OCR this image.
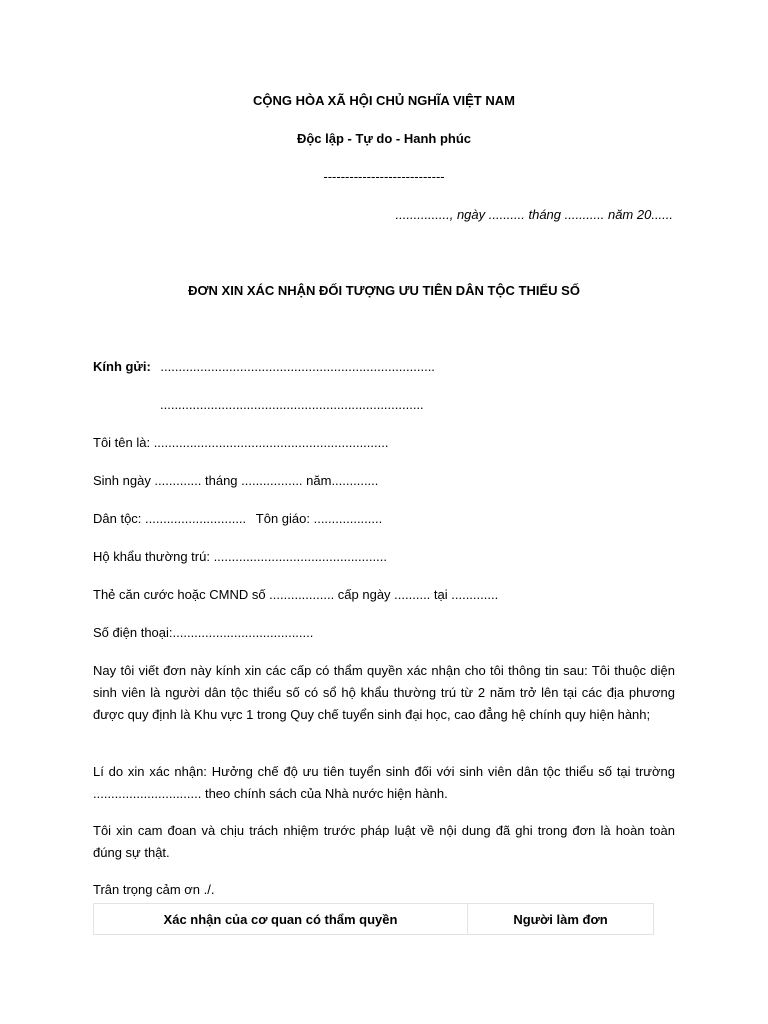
CỘNG HÒA XÃ HỘI CHỦ NGHĨA VIỆT NAM
Độc lập - Tự do - Hanh phúc
----------------------------
..............., ngày .......... tháng ........... năm 20......
ĐƠN XIN XÁC NHẬN ĐỐI TƯỢNG ƯU TIÊN DÂN TỘC THIỂU SỐ
Kính gửi: ............................................................................
.........................................................................
Tôi tên là: .................................................................
Sinh ngày ............. tháng ................. năm.............
Dân tộc: ............................ Tôn giáo: ...................
Hộ khẩu thường trú: ................................................
Thẻ căn cước hoặc CMND số .................. cấp ngày .......... tại .............
Số điện thoại:.......................................
Nay tôi viết đơn này kính xin các cấp có thẩm quyền xác nhận cho tôi thông tin sau: Tôi thuộc diện sinh viên là người dân tộc thiểu số có sổ hộ khẩu thường trú từ 2 năm trở lên tại các địa phương được quy định là Khu vực 1 trong Quy chế tuyển sinh đại học, cao đẳng hệ chính quy hiện hành;
Lí do xin xác nhận: Hưởng chế độ ưu tiên tuyển sinh đối với sinh viên dân tộc thiểu số tại trường .............................. theo chính sách của Nhà nước hiện hành.
Tôi xin cam đoan và chịu trách nhiệm trước pháp luật về nội dung đã ghi trong đơn là hoàn toàn đúng sự thật.
Trân trọng cảm ơn ./.
Xác nhận của cơ quan có thẩm quyền	Người làm đơn
